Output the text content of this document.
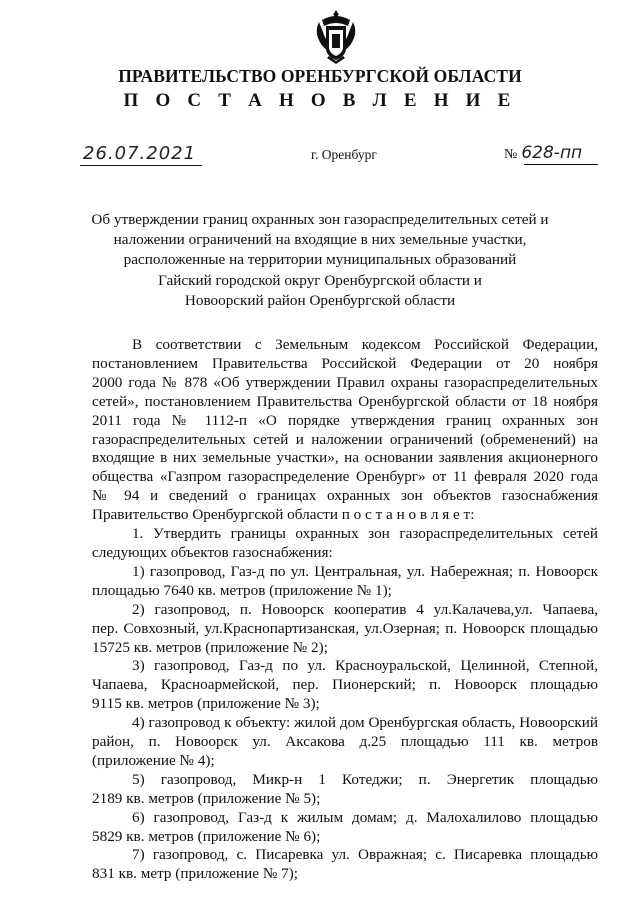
ПРАВИТЕЛЬСТВО ОРЕНБУРГСКОЙ ОБЛАСТИ
П О С Т А Н О В Л Е Н И Е
26.07.2021	г. Оренбург	№ 628-пп
Об утверждении границ охранных зон газораспределительных сетей и
наложении ограничений на входящие в них земельные участки,
расположенные на территории муниципальных образований
Гайский городской округ Оренбургской области и
Новоорский район Оренбургской области
В соответствии с Земельным кодексом Российской Федерации,
постановлением Правительства Российской Федерации от 20 ноября
2000 года № 878 «Об утверждении Правил охраны газораспределительных
сетей», постановлением Правительства Оренбургской области от 18 ноября
2011 года № 1112-п «О порядке утверждения границ охранных зон
газораспределительных сетей и наложении ограничений (обременений) на
входящие в них земельные участки», на основании заявления акционерного
общества «Газпром газораспределение Оренбург» от 11 февраля 2020 года
№ 94 и сведений о границах охранных зон объектов газоснабжения
Правительство Оренбургской области п о с т а н о в л я е т:
1. Утвердить границы охранных зон газораспределительных сетей
следующих объектов газоснабжения:
1) газопровод, Газ-д по ул. Центральная, ул. Набережная; п. Новоорск
площадью 7640 кв. метров (приложение № 1);
2) газопровод, п. Новоорск кооператив 4 ул.Калачева,ул. Чапаева,
пер. Совхозный, ул.Краснопартизанская, ул.Озерная; п. Новоорск площадью
15725 кв. метров (приложение № 2);
3) газопровод, Газ-д по ул. Красноуральской, Целинной, Степной,
Чапаева, Красноармейской, пер. Пионерский; п. Новоорск площадью
9115 кв. метров (приложение № 3);
4) газопровод к объекту: жилой дом Оренбургская область, Новоорский
район, п. Новоорск ул. Аксакова д.25 площадью 111 кв. метров
(приложение № 4);
5) газопровод, Микр-н 1 Котеджи; п. Энергетик площадью
2189 кв. метров (приложение № 5);
6) газопровод, Газ-д к жилым домам; д. Малохалилово площадью
5829 кв. метров (приложение № 6);
7) газопровод, с. Писаревка ул. Овражная; с. Писаревка площадью
831 кв. метр (приложение № 7);
